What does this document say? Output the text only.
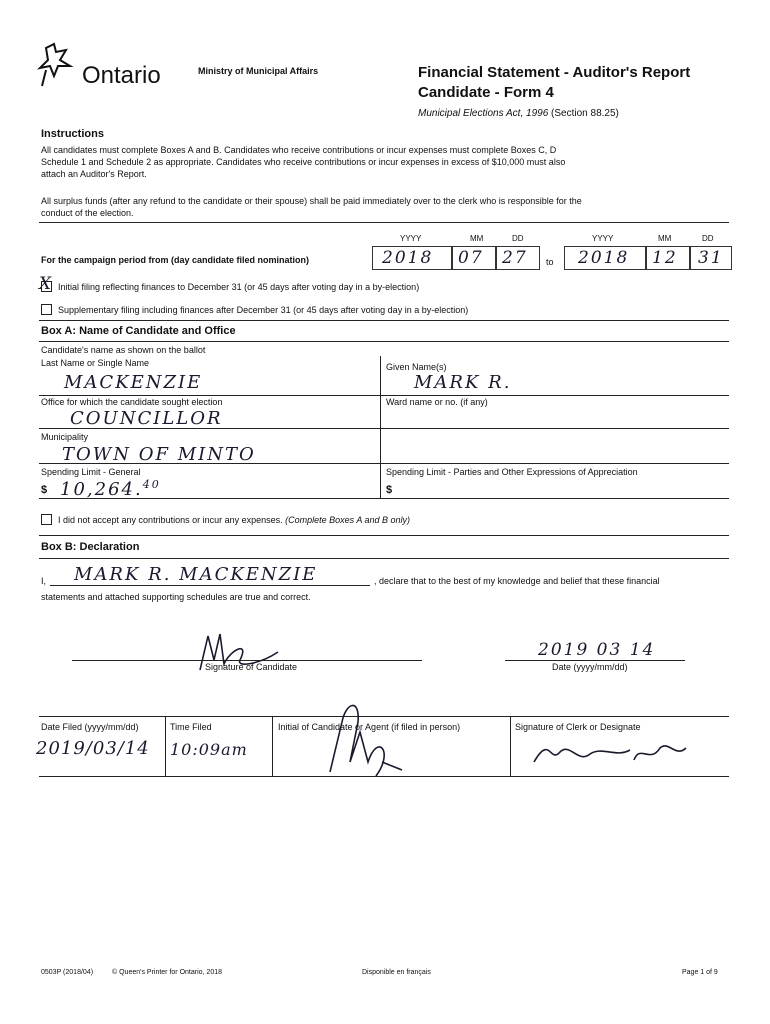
Ontario	Ministry of Municipal Affairs	Financial Statement - Auditor's Report
Candidate - Form 4
Municipal Elections Act, 1996 (Section 88.25)
Instructions
All candidates must complete Boxes A and B. Candidates who receive contributions or incur expenses must complete Boxes C, D
Schedule 1 and Schedule 2 as appropriate. Candidates who receive contributions or incur expenses in excess of $10,000 must also
attach an Auditor's Report.
All surplus funds (after any refund to the candidate or their spouse) shall be paid immediately over to the clerk who is responsible for the
conduct of the election.
YYYY	MM	DD	YYYY	MM	DD
For the campaign period from (day candidate filed nomination)	2018 07 27 to 2018 12 31
X Initial filing reflecting finances to December 31 (or 45 days after voting day in a by-election)
Supplementary filing including finances after December 31 (or 45 days after voting day in a by-election)
Box A: Name of Candidate and Office
Candidate's name as shown on the ballot
Last Name or Single Name	Given Name(s)
MACKENZIE	MARK R.
Office for which the candidate sought election	Ward name or no. (if any)
COUNCILLOR
Municipality
TOWN OF MINTO
Spending Limit - General	Spending Limit - Parties and Other Expressions of Appreciation
$ 10,264.40	$
I did not accept any contributions or incur any expenses. (Complete Boxes A and B only)
Box B: Declaration
I, MARK R. MACKENZIE	, declare that to the best of my knowledge and belief that these financial
statements and attached supporting schedules are true and correct.
Signature of Candidate
2019 03 14
Date (yyyy/mm/dd)
Date Filed (yyyy/mm/dd)	Time Filed	Initial of Candidate or Agent (if filed in person)	Signature of Clerk or Designate
2019/03/14 10:09am
0503P (2018/04)	© Queen's Printer for Ontario, 2018	Disponible en français	Page 1 of 9
